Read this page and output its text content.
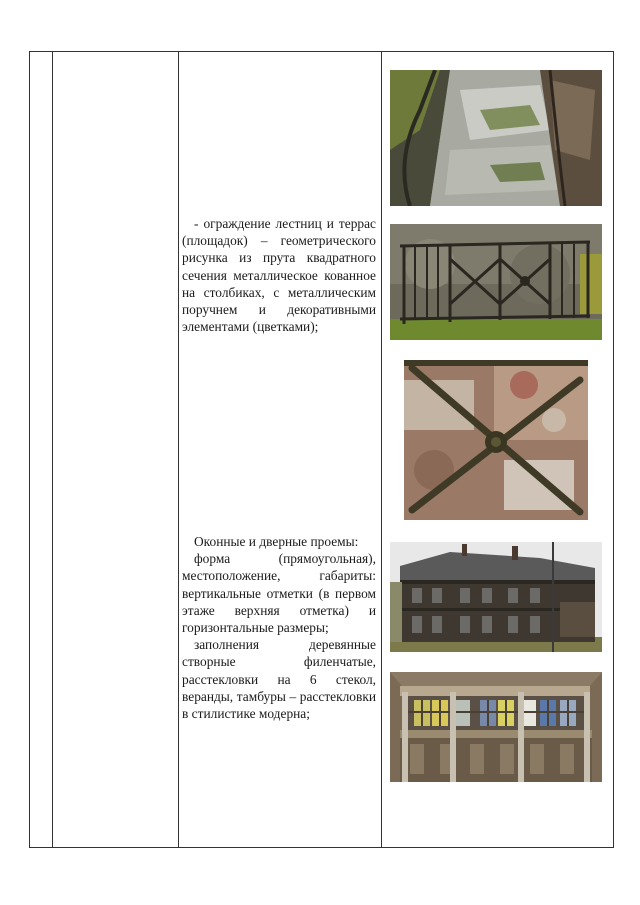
- ограждение лестниц и террас (площадок) – геометрического рисунка из прута квадратного сечения металлическое кованное на столбиках, с металлическим поручнем и декоративными элементами (цветками);

Оконные и дверные проемы:

форма (прямоугольная), местоположение, габариты: вертикальные отметки (в первом этаже верхняя отметка) и горизонтальные размеры;

заполнения деревянные створные филенчатые, расстекловки на 6 стекол, веранды, тамбуры – расстекловки в стилистике модерна;
